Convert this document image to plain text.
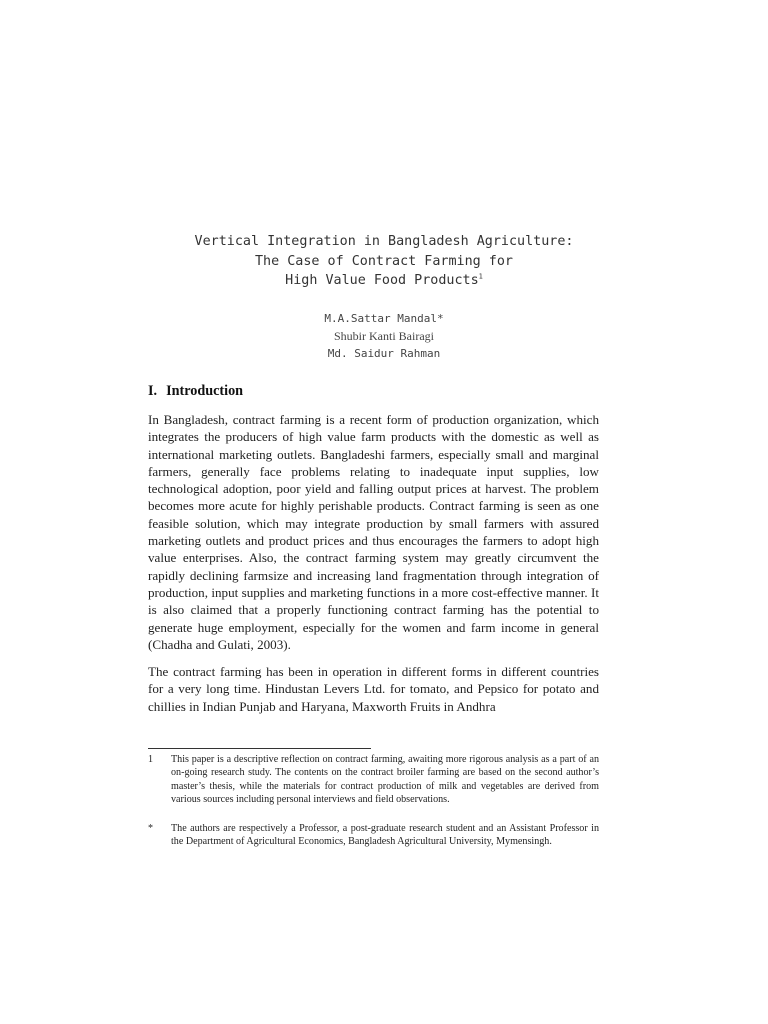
Vertical Integration in Bangladesh Agriculture:
The Case of Contract Farming for
High Value Food Products$^1$
M.A.Sattar Mandal*
Shubir Kanti Bairagi
Md. Saidur Rahman
I. Introduction

In Bangladesh, contract farming is a recent form of production organization, which integrates the producers of high value farm products with the domestic as well as international marketing outlets. Bangladeshi farmers, especially small and marginal farmers, generally face problems relating to inadequate input supplies, low technological adoption, poor yield and falling output prices at harvest. The problem becomes more acute for highly perishable products. Contract farming is seen as one feasible solution, which may integrate production by small farmers with assured marketing outlets and product prices and thus encourages the farmers to adopt high value enterprises. Also, the contract farming system may greatly circumvent the rapidly declining farmsize and increasing land fragmentation through integration of production, input supplies and marketing functions in a more cost-effective manner. It is also claimed that a properly functioning contract farming has the potential to generate huge employment, especially for the women and farm income in general (Chadha and Gulati, 2003).

The contract farming has been in operation in different forms in different countries for a very long time. Hindustan Levers Ltd. for tomato, and Pepsico for potato and chillies in Indian Punjab and Haryana, Maxworth Fruits in Andhra

1	This paper is a descriptive reflection on contract farming, awaiting more rigorous analysis as a part of an on-going research study. The contents on the contract broiler farming are based on the second author’s master’s thesis, while the materials for contract production of milk and vegetables are derived from various sources including personal interviews and field observations.
*	The authors are respectively a Professor, a post-graduate research student and an Assistant Professor in the Department of Agricultural Economics, Bangladesh Agricultural University, Mymensingh.
